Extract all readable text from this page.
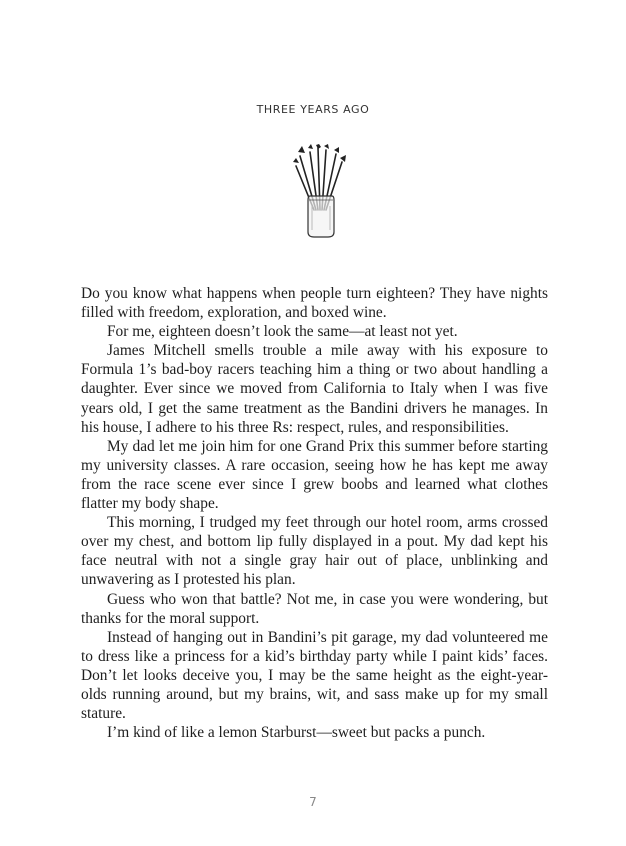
THREE YEARS AGO

Do you know what happens when people turn eighteen? They have nights filled with freedom, exploration, and boxed wine.

For me, eighteen doesn’t look the same—at least not yet.

James Mitchell smells trouble a mile away with his exposure to Formula 1’s bad-boy racers teaching him a thing or two about handling a daughter. Ever since we moved from California to Italy when I was five years old, I get the same treatment as the Bandini drivers he manages. In his house, I adhere to his three Rs: respect, rules, and responsibilities.

My dad let me join him for one Grand Prix this summer before starting my university classes. A rare occasion, seeing how he has kept me away from the race scene ever since I grew boobs and learned what clothes flatter my body shape.

This morning, I trudged my feet through our hotel room, arms crossed over my chest, and bottom lip fully displayed in a pout. My dad kept his face neutral with not a single gray hair out of place, unblinking and unwavering as I protested his plan.

Guess who won that battle? Not me, in case you were wondering, but thanks for the moral support.

Instead of hanging out in Bandini’s pit garage, my dad volunteered me to dress like a princess for a kid’s birthday party while I paint kids’ faces. Don’t let looks deceive you, I may be the same height as the eight-year-olds running around, but my brains, wit, and sass make up for my small stature.

I’m kind of like a lemon Starburst—sweet but packs a punch.

7
